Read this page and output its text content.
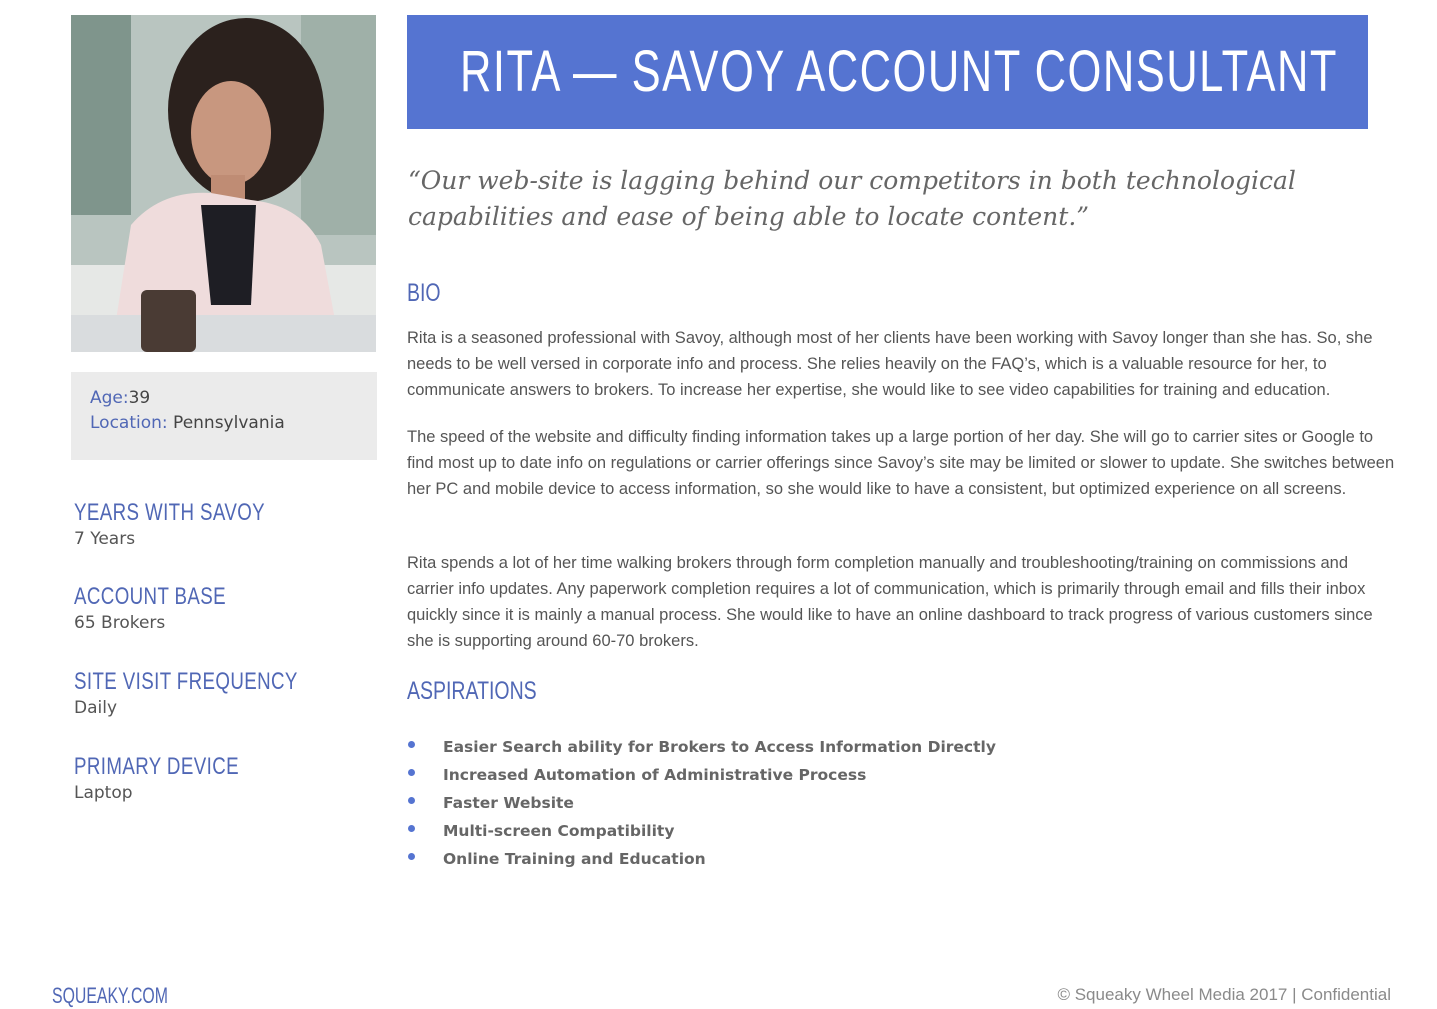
Age:39
Location: Pennsylvania
YEARS WITH SAVOY
7 Years
ACCOUNT BASE
65 Brokers
SITE VISIT FREQUENCY
Daily
PRIMARY DEVICE
Laptop
RITA — SAVOY ACCOUNT CONSULTANT
“Our web-site is lagging behind our competitors in both technological capabilities and ease of being able to locate content.”
BIO

Rita is a seasoned professional with Savoy, although most of her clients have been working with Savoy longer than she has. So, she needs to be well versed in corporate info and process. She relies heavily on the FAQ’s, which is a valuable resource for her, to communicate answers to brokers. To increase her expertise, she would like to see video capabilities for training and education.

The speed of the website and difficulty finding information takes up a large portion of her day. She will go to carrier sites or Google to find most up to date info on regulations or carrier offerings since Savoy’s site may be limited or slower to update. She switches between her PC and mobile device to access information, so she would like to have a consistent, but optimized experience on all screens.

Rita spends a lot of her time walking brokers through form completion manually and troubleshooting/training on commissions and carrier info updates. Any paperwork completion requires a lot of communication, which is primarily through email and fills their inbox quickly since it is mainly a manual process. She would like to have an online dashboard to track progress of various customers since she is supporting around 60-70 brokers.

ASPIRATIONS
Easier Search ability for Brokers to Access Information Directly
Increased Automation of Administrative Process
Faster Website
Multi-screen Compatibility
Online Training and Education
SQUEAKY.COM	© Squeaky Wheel Media 2017 | Confidential
